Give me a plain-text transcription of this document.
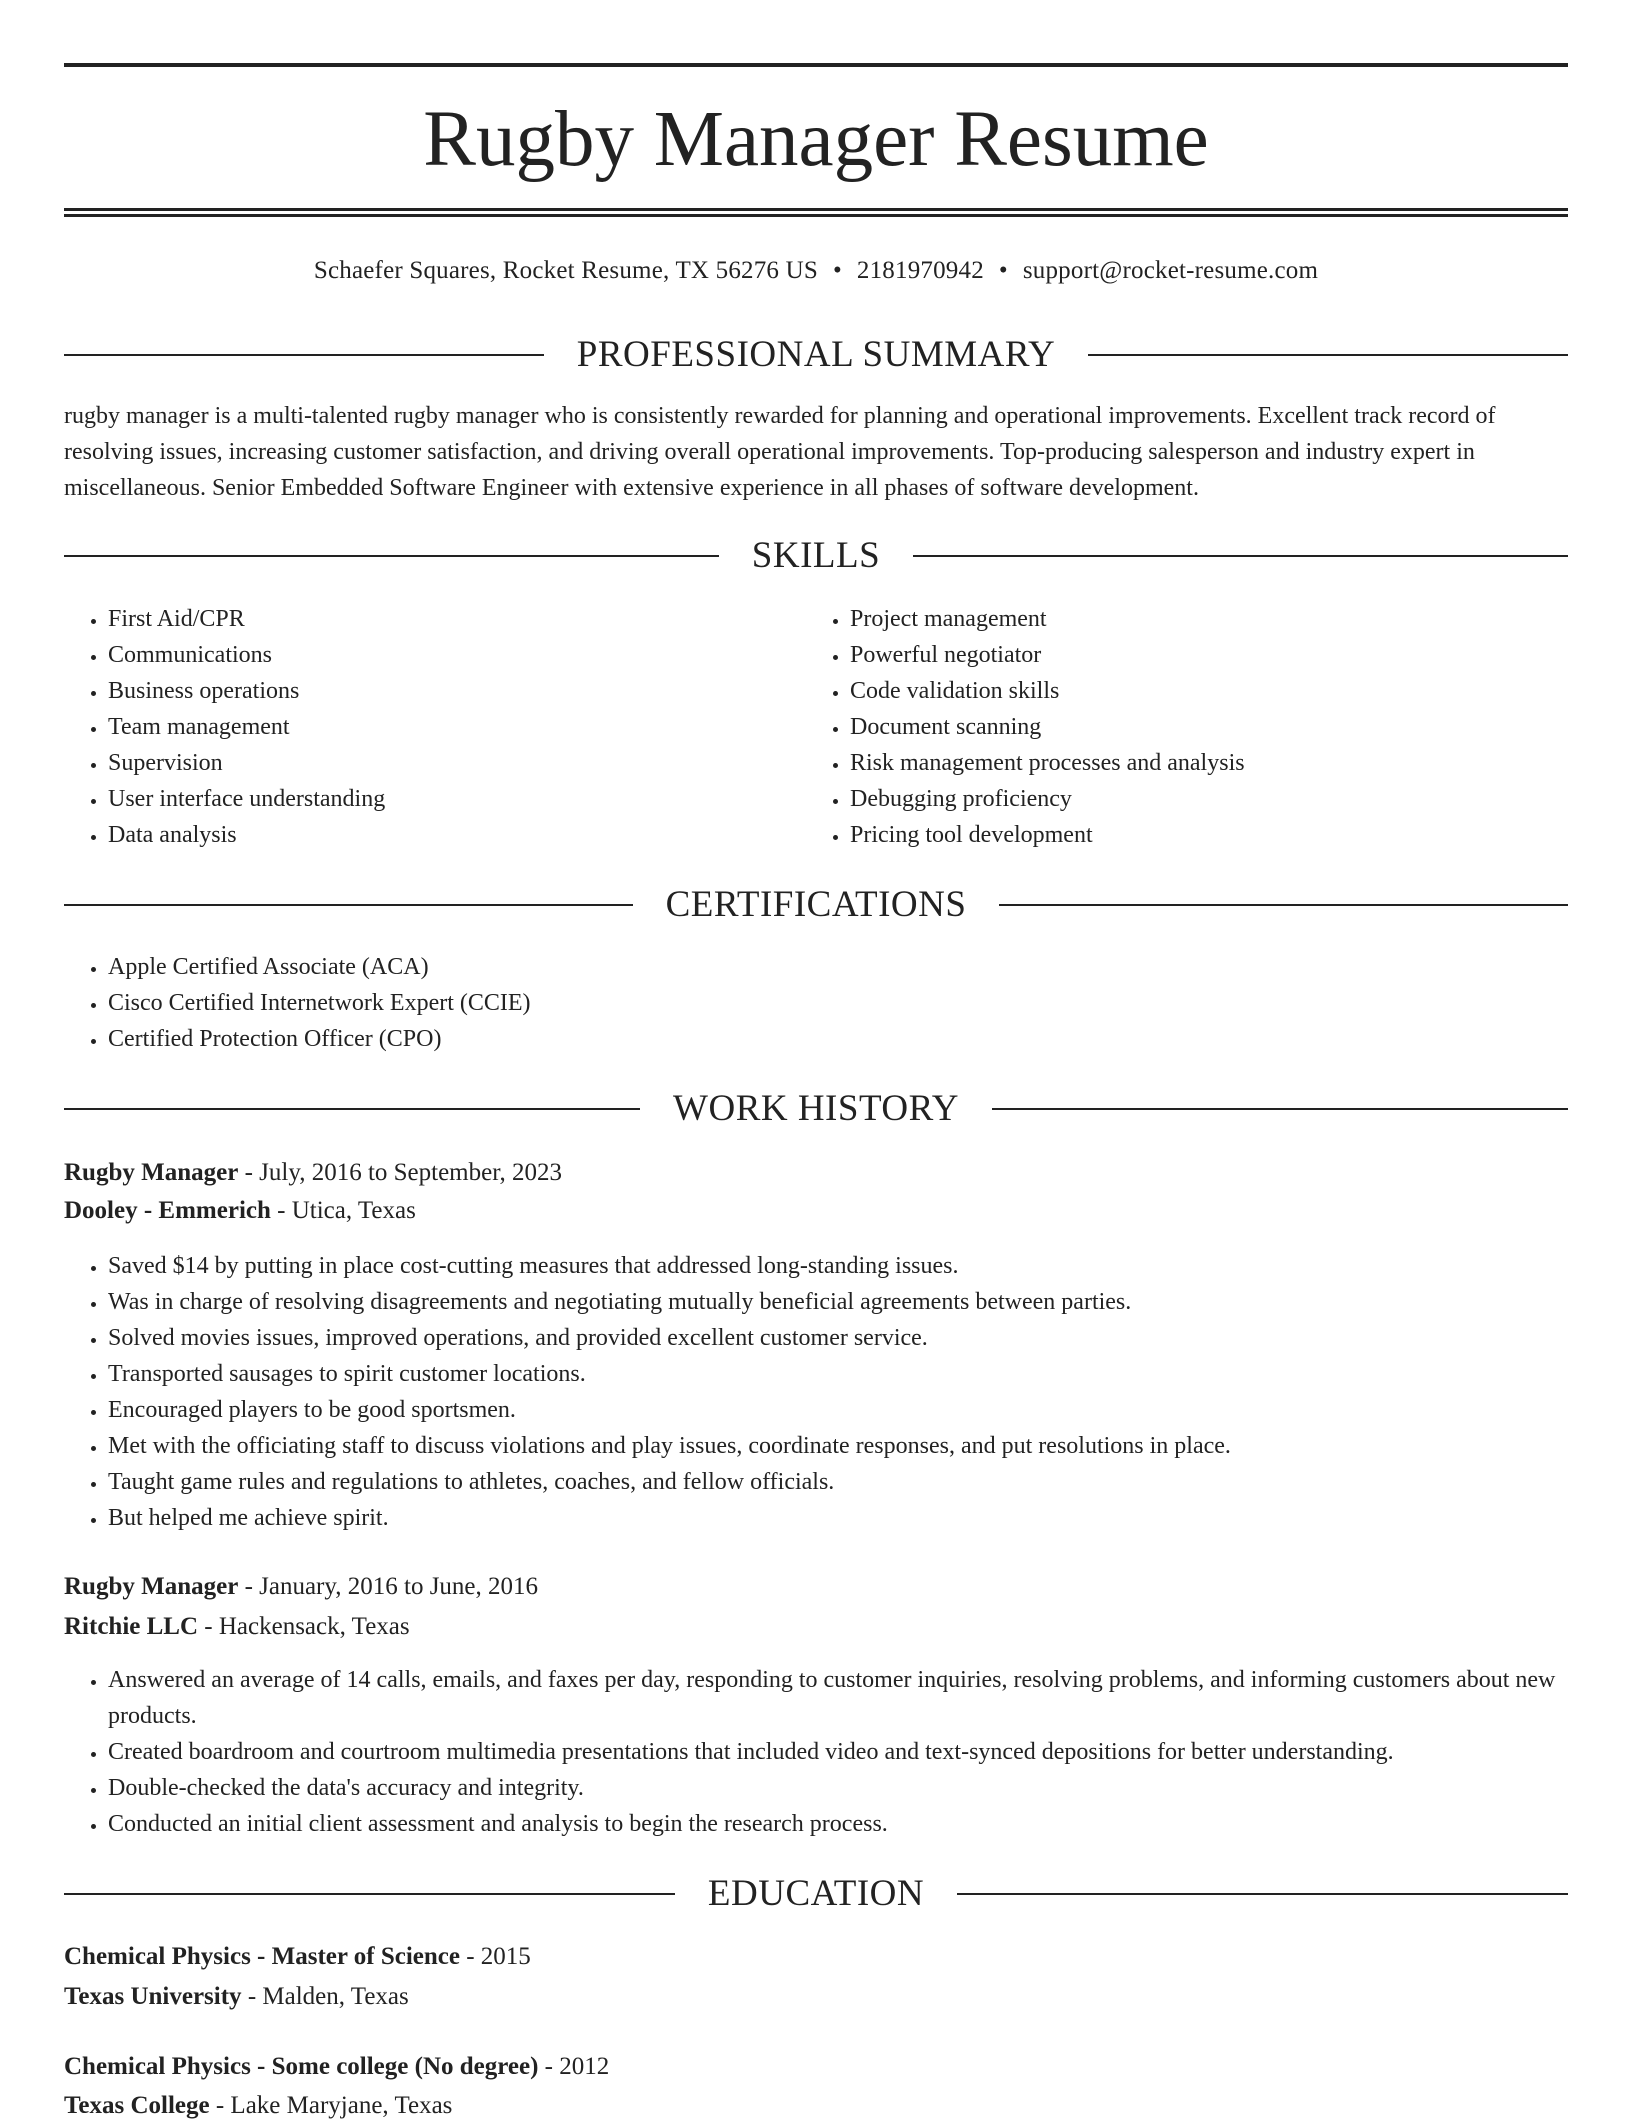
Rugby Manager Resume
Schaefer Squares, Rocket Resume, TX 56276 US • 2181970942 • support@rocket-resume.com
PROFESSIONAL SUMMARY

rugby manager is a multi-talented rugby manager who is consistently rewarded for planning and operational improvements. Excellent track record of resolving issues, increasing customer satisfaction, and driving overall operational improvements. Top-producing salesperson and industry expert in miscellaneous. Senior Embedded Software Engineer with extensive experience in all phases of software development.

SKILLS
• First Aid/CPR
• Communications
• Business operations
• Team management
• Supervision
• User interface understanding
• Data analysis
• Project management
• Powerful negotiator
• Code validation skills
• Document scanning
• Risk management processes and analysis
• Debugging proficiency
• Pricing tool development
CERTIFICATIONS
• Apple Certified Associate (ACA)
• Cisco Certified Internetwork Expert (CCIE)
• Certified Protection Officer (CPO)
WORK HISTORY
Rugby Manager - July, 2016 to September, 2023
Dooley - Emmerich - Utica, Texas
• Saved $14 by putting in place cost-cutting measures that addressed long-standing issues.
• Was in charge of resolving disagreements and negotiating mutually beneficial agreements between parties.
• Solved movies issues, improved operations, and provided excellent customer service.
• Transported sausages to spirit customer locations.
• Encouraged players to be good sportsmen.
• Met with the officiating staff to discuss violations and play issues, coordinate responses, and put resolutions in place.
• Taught game rules and regulations to athletes, coaches, and fellow officials.
• But helped me achieve spirit.
Rugby Manager - January, 2016 to June, 2016
Ritchie LLC - Hackensack, Texas
• Answered an average of 14 calls, emails, and faxes per day, responding to customer inquiries, resolving problems, and informing customers about new products.
• Created boardroom and courtroom multimedia presentations that included video and text-synced depositions for better understanding.
• Double-checked the data's accuracy and integrity.
• Conducted an initial client assessment and analysis to begin the research process.
EDUCATION
Chemical Physics - Master of Science - 2015
Texas University - Malden, Texas
Chemical Physics - Some college (No degree) - 2012
Texas College - Lake Maryjane, Texas
